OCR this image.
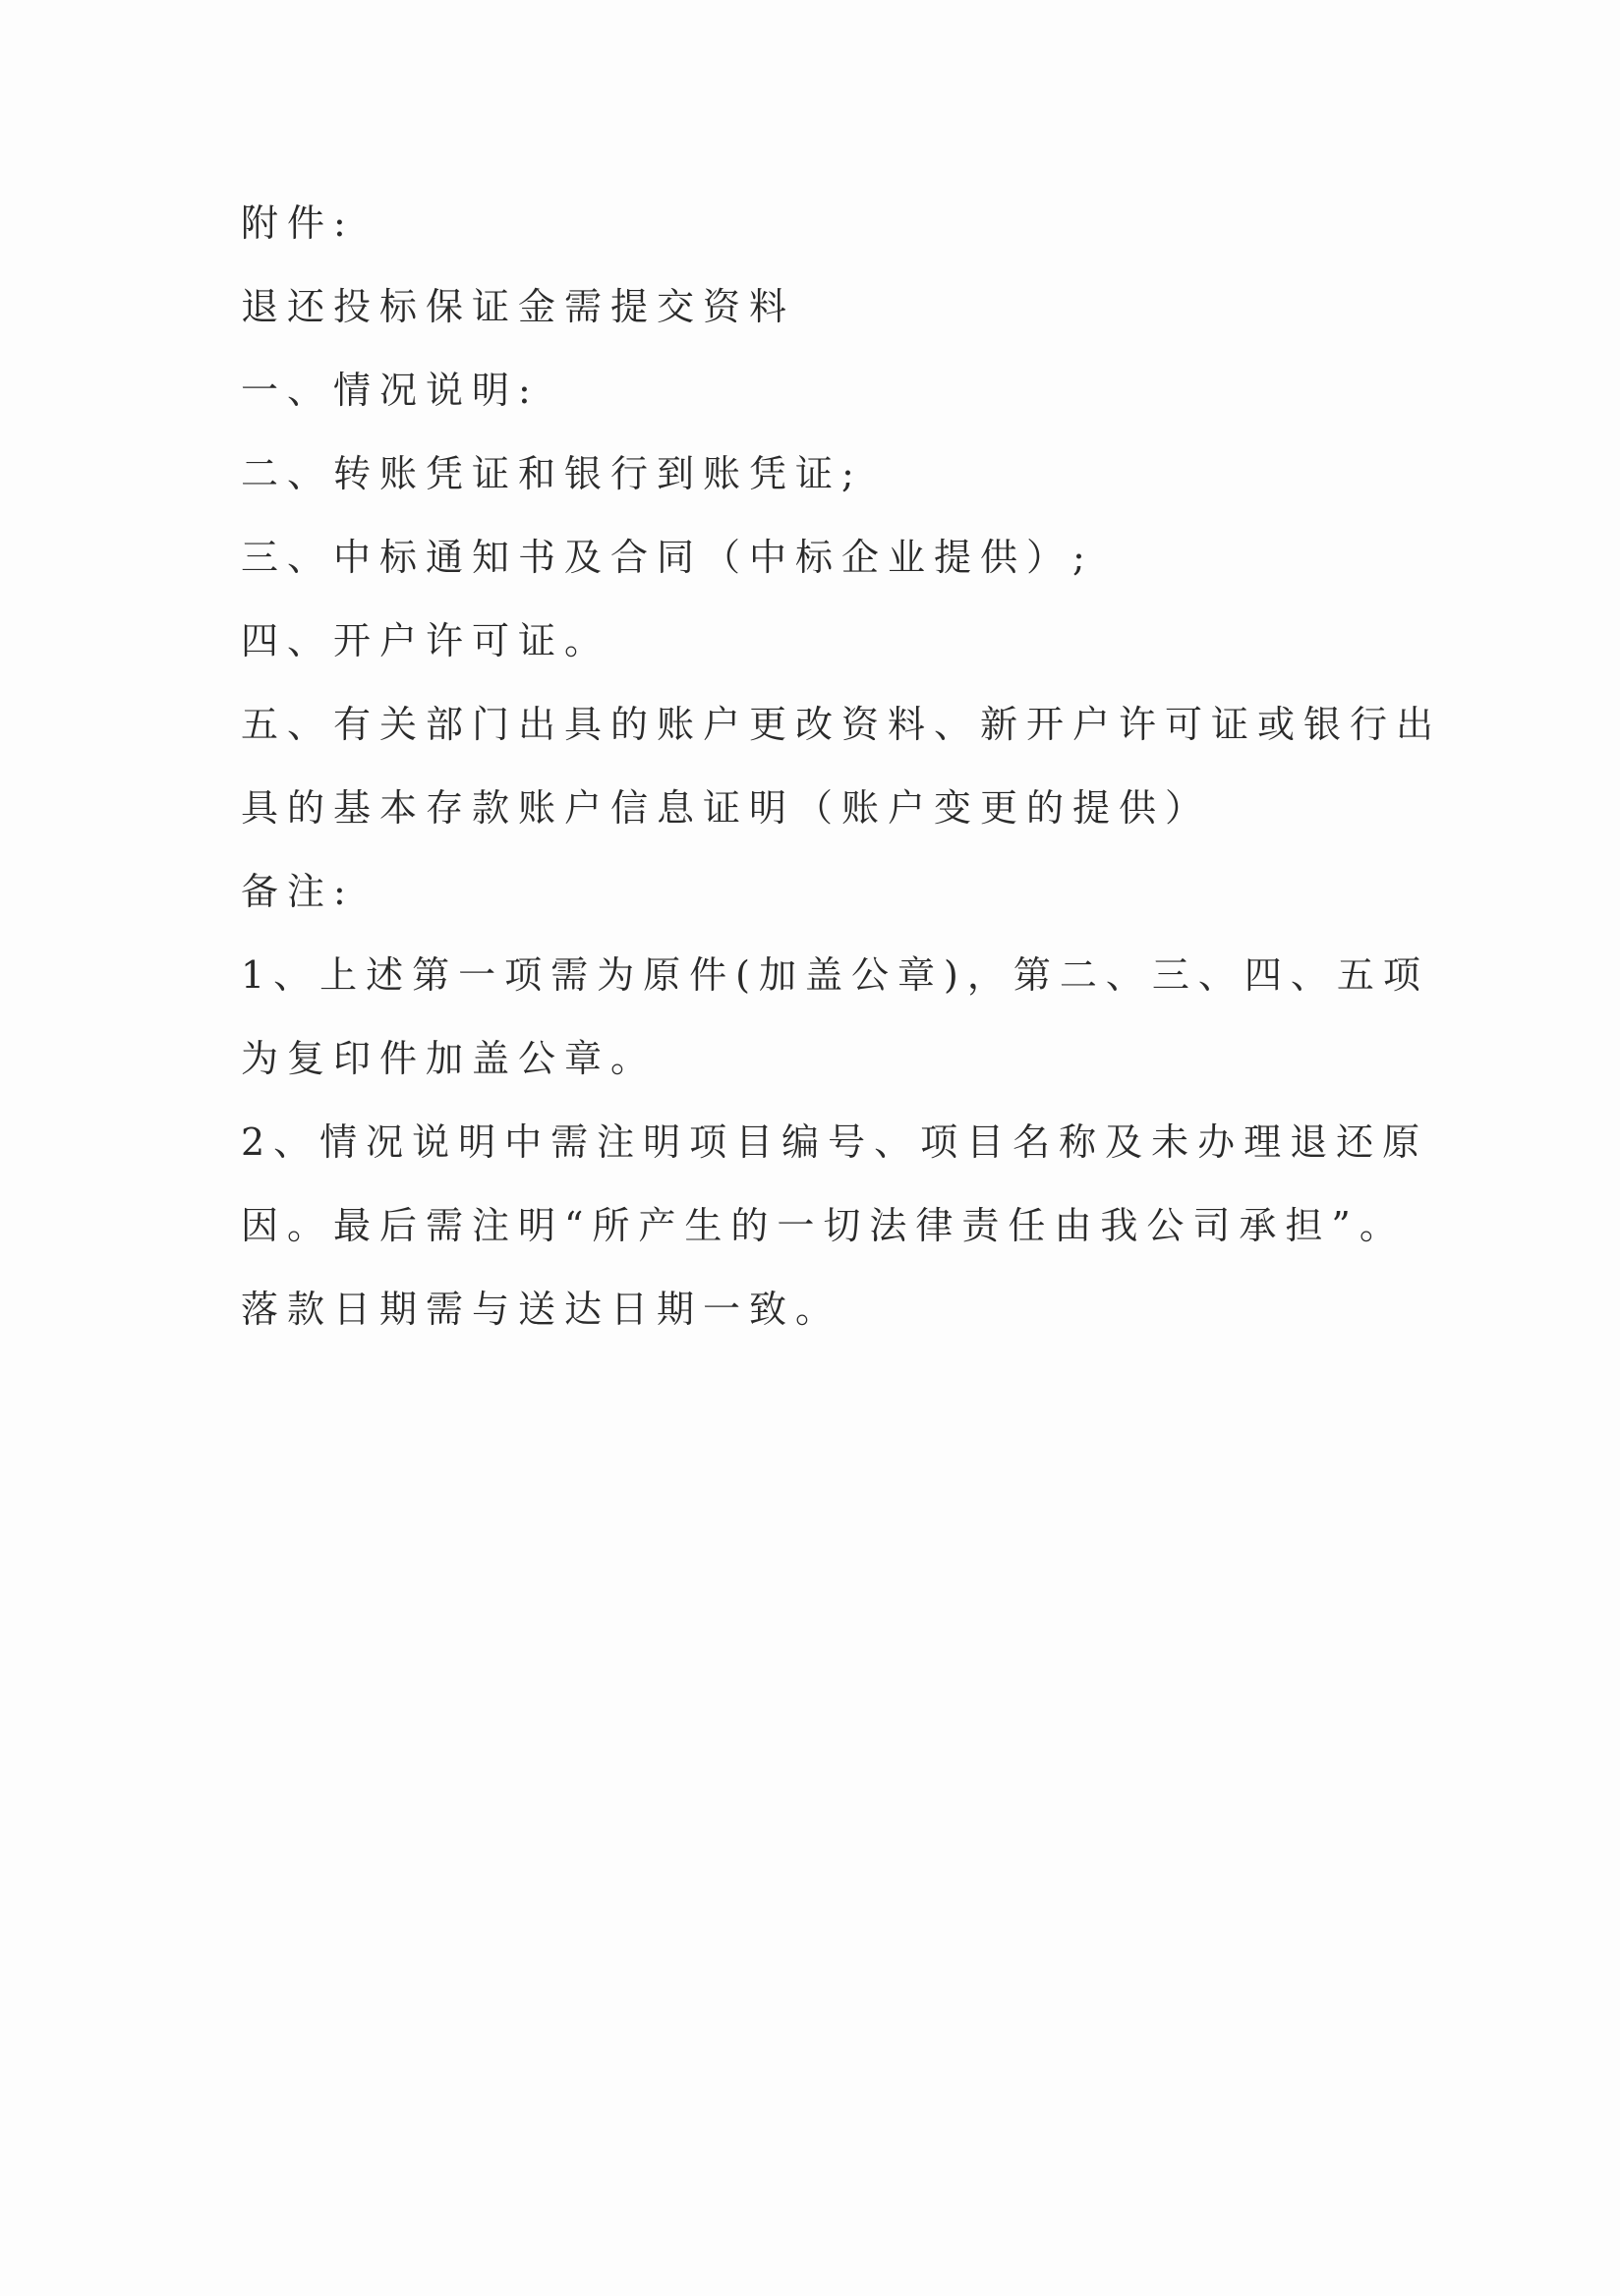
附件:
退还投标保证金需提交资料
一、情况说明:
二、转账凭证和银行到账凭证;
三、中标通知书及合同（中标企业提供）;
四、开户许可证。
五、有关部门出具的账户更改资料、新开户许可证或银行出
具的基本存款账户信息证明（账户变更的提供）
备注:
1、上述第一项需为原件(加盖公章)，第二、三、四、五项
为复印件加盖公章。
2、情况说明中需注明项目编号、项目名称及未办理退还原
因。最后需注明“所产生的一切法律责任由我公司承担”。
落款日期需与送达日期一致。
